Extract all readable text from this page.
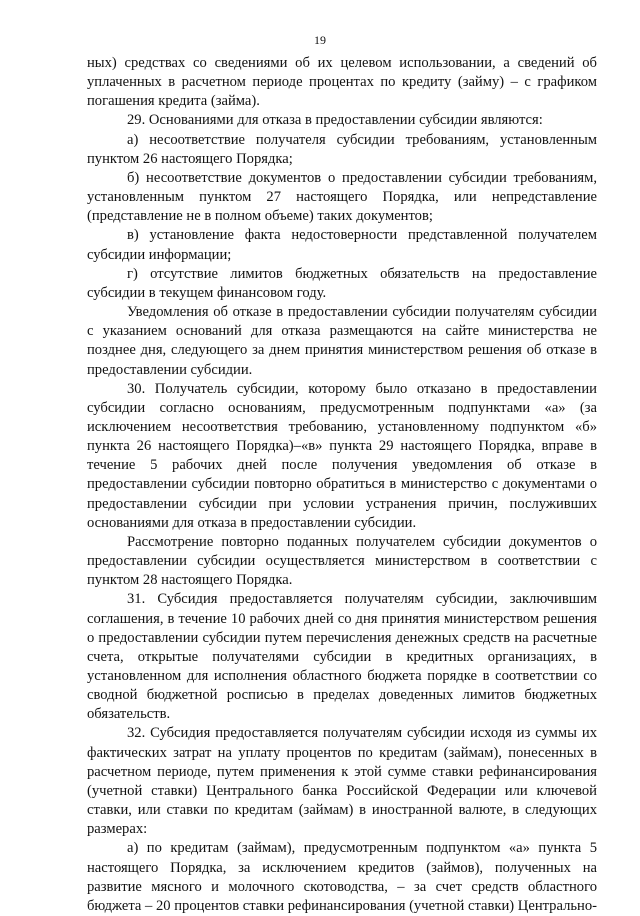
19

ных) средствах со сведениями об их целевом использовании, а сведений об уплаченных в расчетном периоде процентах по кредиту (займу) – с графиком погашения кредита (займа).

29. Основаниями для отказа в предоставлении субсидии являются:

а) несоответствие получателя субсидии требованиям, установленным пунктом 26 настоящего Порядка;

б) несоответствие документов о предоставлении субсидии требованиям, установленным пунктом 27 настоящего Порядка, или непредставление (представление не в полном объеме) таких документов;

в) установление факта недостоверности представленной получателем субсидии информации;

г) отсутствие лимитов бюджетных обязательств на предоставление субсидии в текущем финансовом году.

Уведомления об отказе в предоставлении субсидии получателям субсидии с указанием оснований для отказа размещаются на сайте министерства не позднее дня, следующего за днем принятия министерством решения об отказе в предоставлении субсидии.

30. Получатель субсидии, которому было отказано в предоставлении субсидии согласно основаниям, предусмотренным подпунктами «а» (за исключением несоответствия требованию, установленному подпунктом «б» пункта 26 настоящего Порядка)–«в» пункта 29 настоящего Порядка, вправе в течение 5 рабочих дней после получения уведомления об отказе в предоставлении субсидии повторно обратиться в министерство с документами о предоставлении субсидии при условии устранения причин, послуживших основаниями для отказа в предоставлении субсидии.

Рассмотрение повторно поданных получателем субсидии документов о предоставлении субсидии осуществляется министерством в соответствии с пунктом 28 настоящего Порядка.

31. Субсидия предоставляется получателям субсидии, заключившим соглашения, в течение 10 рабочих дней со дня принятия министерством решения о предоставлении субсидии путем перечисления денежных средств на расчетные счета, открытые получателями субсидии в кредитных организациях, в установленном для исполнения областного бюджета порядке в соответствии со сводной бюджетной росписью в пределах доведенных лимитов бюджетных обязательств.

32. Субсидия предоставляется получателям субсидии исходя из суммы их фактических затрат на уплату процентов по кредитам (займам), понесенных в расчетном периоде, путем применения к этой сумме ставки рефинансирования (учетной ставки) Центрального банка Российской Федерации или ключевой ставки, или ставки по кредитам (займам) в иностранной валюте, в следующих размерах:

а) по кредитам (займам), предусмотренным подпунктом «а» пункта 5 настоящего Порядка, за исключением кредитов (займов), полученных на развитие мясного и молочного скотоводства, – за счет средств областного бюджета – 20 процентов ставки рефинансирования (учетной ставки) Центрально-
